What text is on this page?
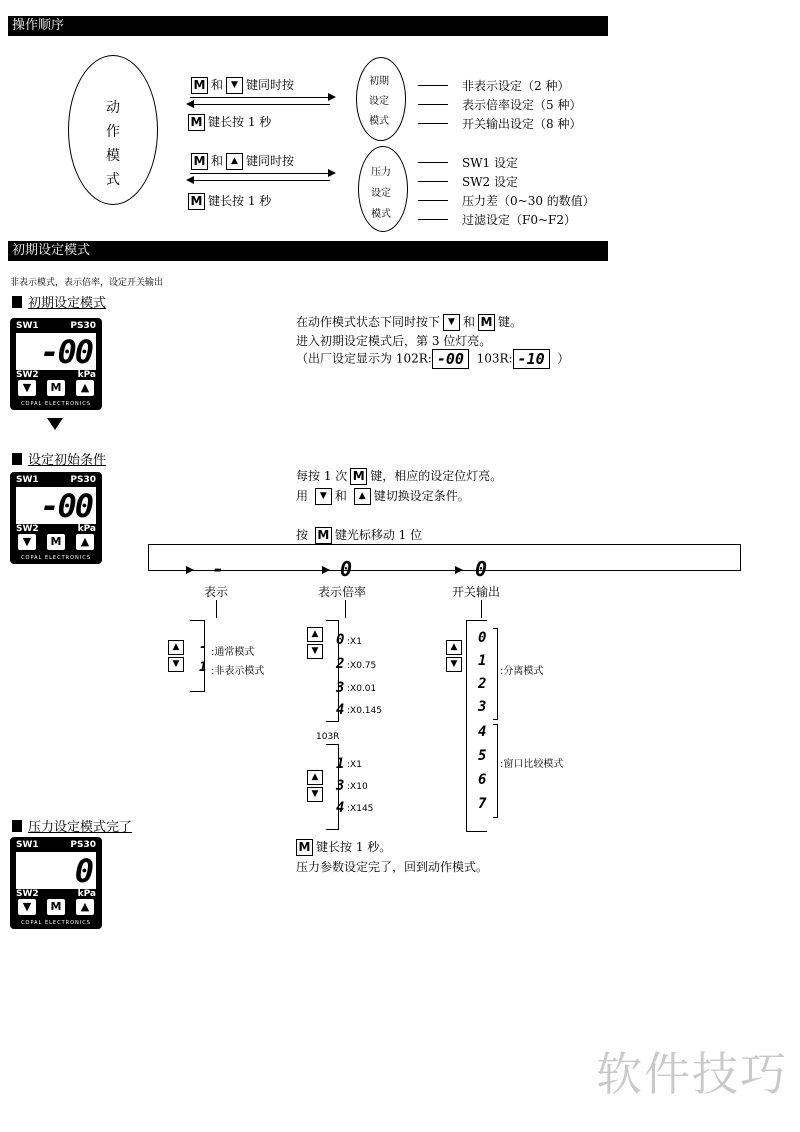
操作顺序
动
作
模
式
M 和 ▼ 键同时按
M 键长按 1 秒
初期
设定
模式
非表示设定（2 种）
表示倍率设定（5 种）
开关输出设定（8 种）
M 和 ▲ 键同时按
M 键长按 1 秒
压力
设定
模式
SW1 设定
SW2 设定
压力差（0~30 的数值）
过滤设定（F0~F2）
初期设定模式
非表示模式，表示倍率，设定开关输出
初期设定模式
SW1	PS30
-00
SW2	kPa
▼	M	▲
COPAL ELECTRONICS
在动作模式状态下同时按下 ▼ 和 M 键。
进入初期设定模式后，第 3 位灯亮。
（出厂设定显示为 102R: -00 103R: -10 ）
设定初始条件
SW1	PS30
-00
SW2	kPa
▼	M	▲
COPAL ELECTRONICS
每按 1 次 M 键，相应的设定位灯亮。
用 ▼ 和 ▲ 键切换设定条件。
按 M 键光标移动 1 位
-	0	0
表示	表示倍率	开关输出
▲
▼
- :通常模式
1 :非表示模式
▲
▼
0 :X1
2 :X0.75
3 :X0.01
4 :X0.145
103R
▲
▼
1 :X1
3 :X10
4 :X145
▲
▼
0
1
2
3
4
5
6
7
:分离模式
:窗口比较模式
压力设定模式完了
SW1	PS30
0
SW2	kPa
▼	M	▲
COPAL ELECTRONICS
M 键长按 1 秒。
压力参数设定完了，回到动作模式。
软件技巧
